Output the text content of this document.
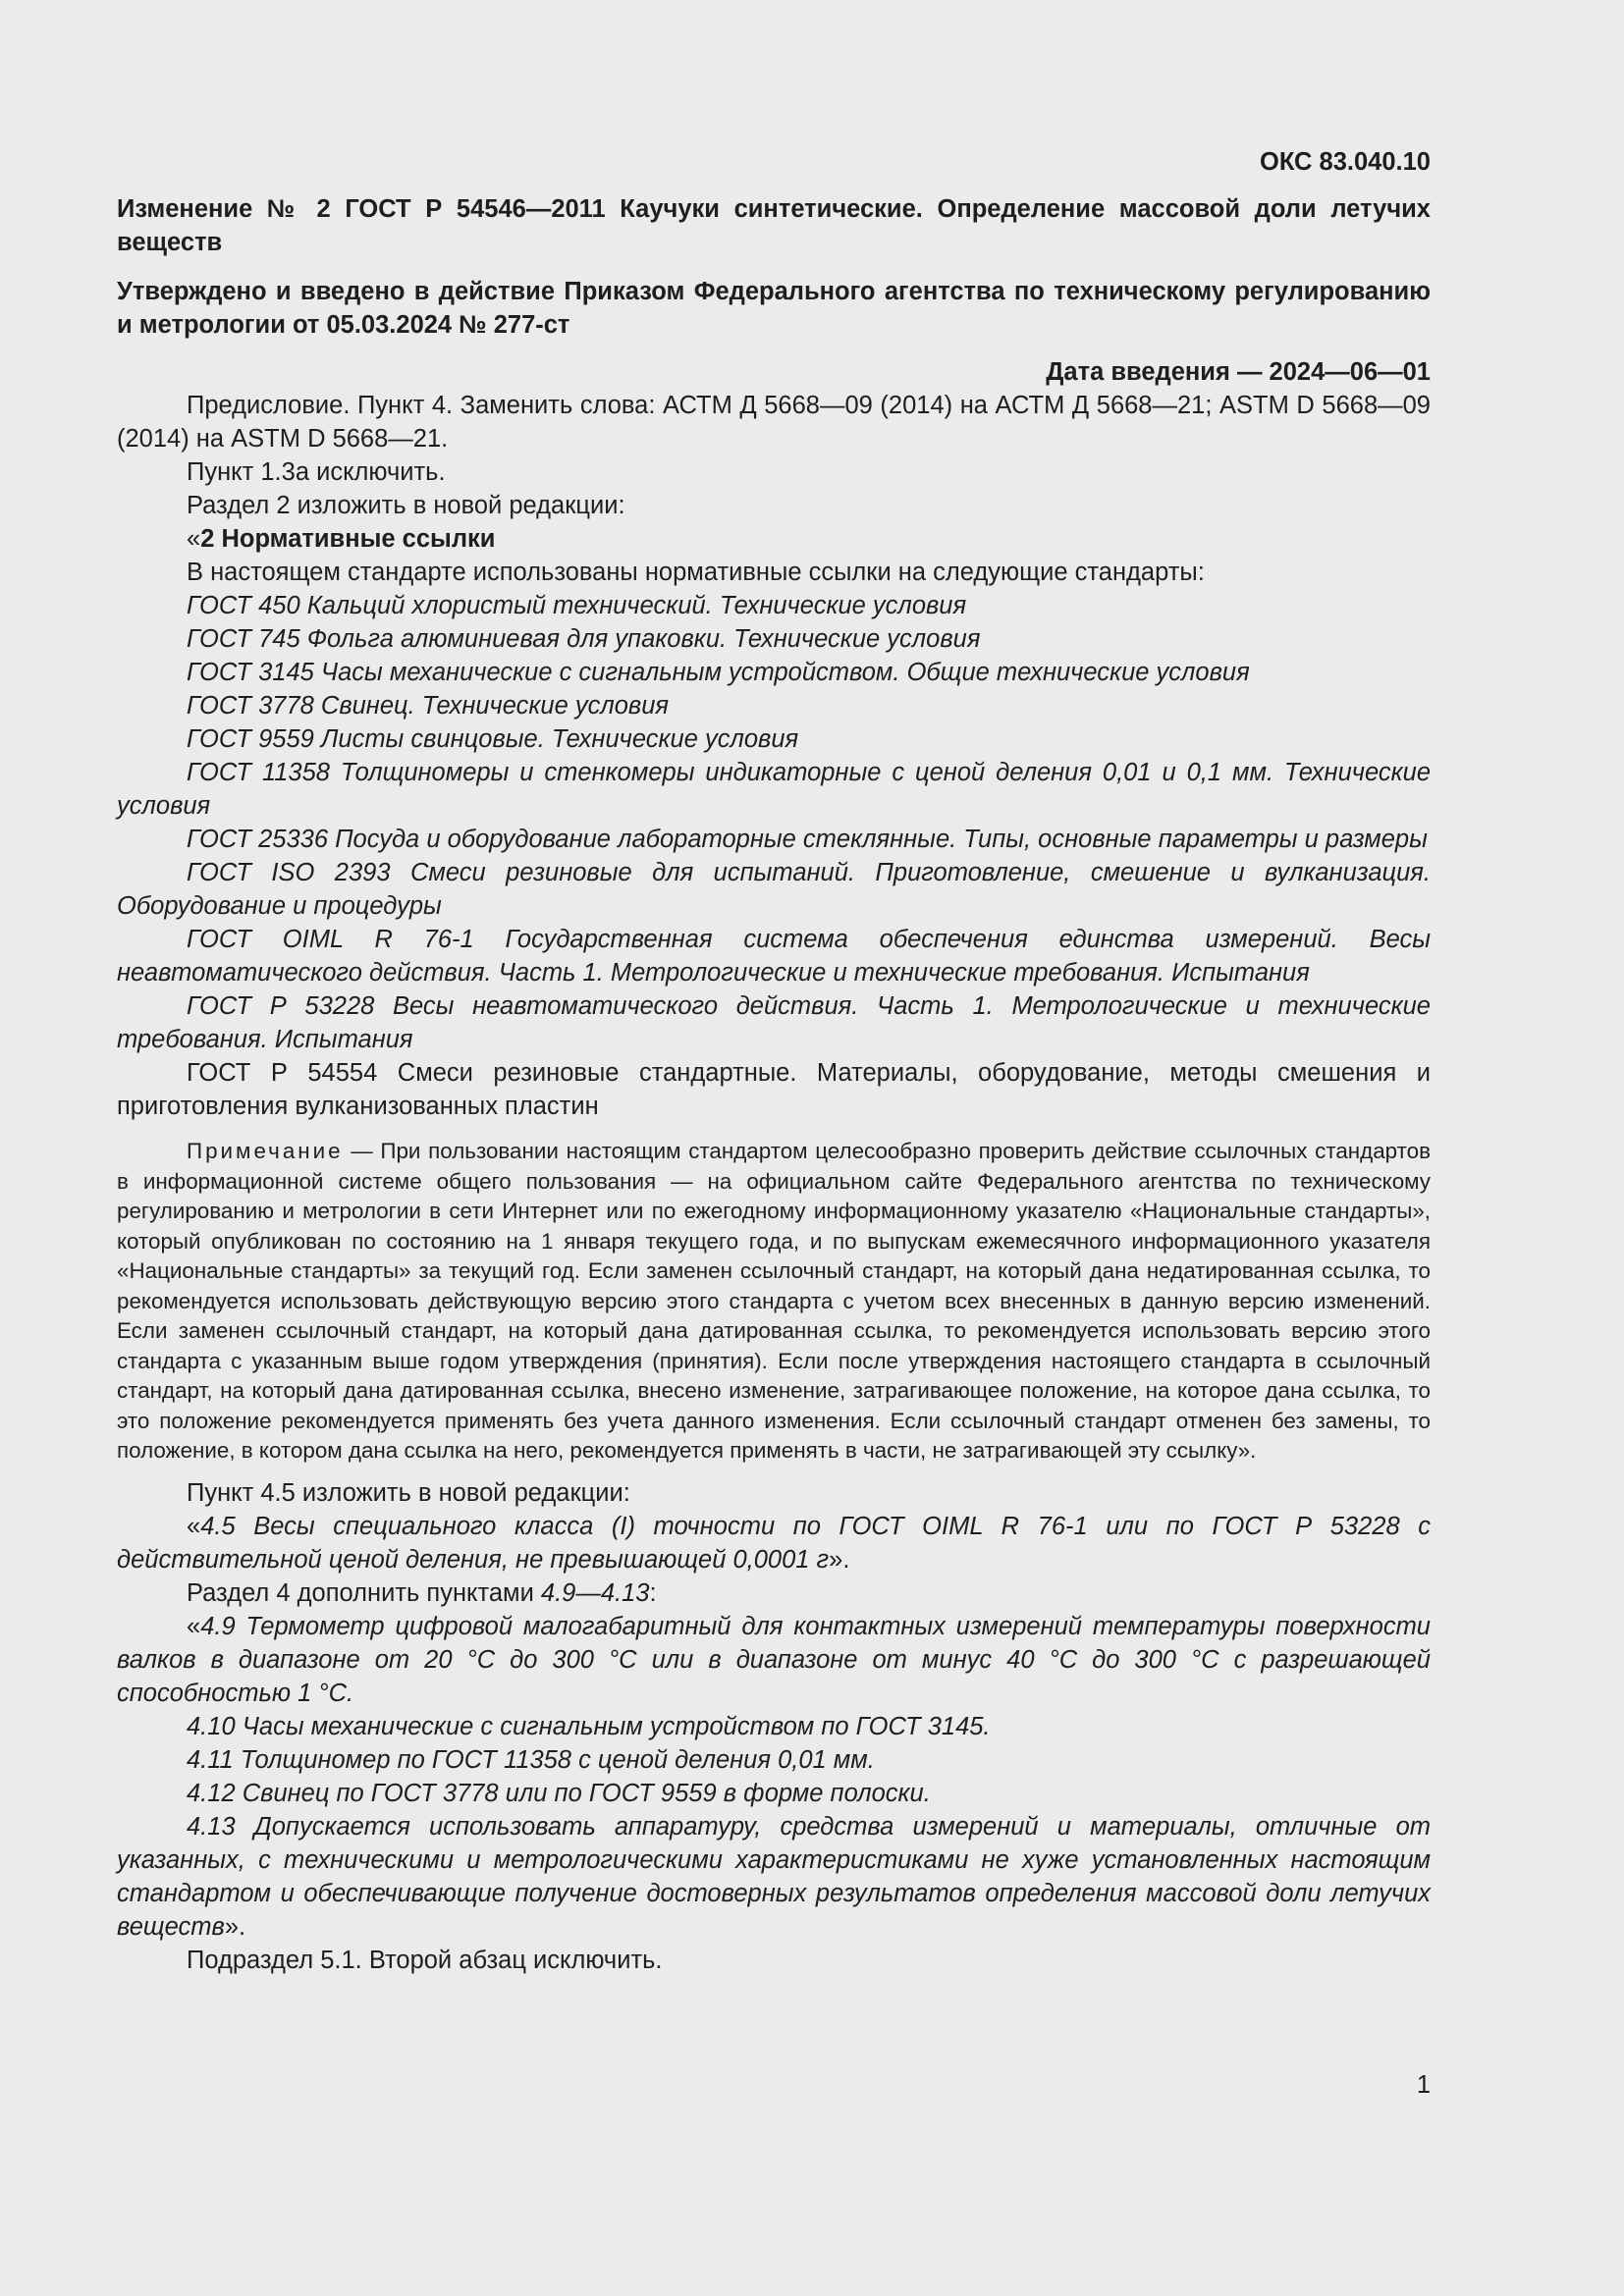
ОКС 83.040.10

Изменение № 2 ГОСТ Р 54546—2011 Каучуки синтетические. Определение массовой доли летучих веществ

Утверждено и введено в действие Приказом Федерального агентства по техническому регулированию и метрологии от 05.03.2024 № 277-ст

Дата введения — 2024—06—01

Предисловие. Пункт 4. Заменить слова: АСТМ Д 5668—09 (2014) на АСТМ Д 5668—21; ASTM D 5668—09 (2014) на ASTM D 5668—21.

Пункт 1.3а исключить.

Раздел 2 изложить в новой редакции:

«2 Нормативные ссылки

В настоящем стандарте использованы нормативные ссылки на следующие стандарты:

ГОСТ 450 Кальций хлористый технический. Технические условия

ГОСТ 745 Фольга алюминиевая для упаковки. Технические условия

ГОСТ 3145 Часы механические с сигнальным устройством. Общие технические условия

ГОСТ 3778 Свинец. Технические условия

ГОСТ 9559 Листы свинцовые. Технические условия

ГОСТ 11358 Толщиномеры и стенкомеры индикаторные с ценой деления 0,01 и 0,1 мм. Технические условия

ГОСТ 25336 Посуда и оборудование лабораторные стеклянные. Типы, основные параметры и размеры

ГОСТ ISO 2393 Смеси резиновые для испытаний. Приготовление, смешение и вулканизация. Оборудование и процедуры

ГОСТ OIML R 76-1 Государственная система обеспечения единства измерений. Весы неавтоматического действия. Часть 1. Метрологические и технические требования. Испытания

ГОСТ Р 53228 Весы неавтоматического действия. Часть 1. Метрологические и технические требования. Испытания

ГОСТ Р 54554 Смеси резиновые стандартные. Материалы, оборудование, методы смешения и приготовления вулканизованных пластин

Примечание — При пользовании настоящим стандартом целесообразно проверить действие ссылочных стандартов в информационной системе общего пользования — на официальном сайте Федерального агентства по техническому регулированию и метрологии в сети Интернет или по ежегодному информационному указателю «Национальные стандарты», который опубликован по состоянию на 1 января текущего года, и по выпускам ежемесячного информационного указателя «Национальные стандарты» за текущий год. Если заменен ссылочный стандарт, на который дана недатированная ссылка, то рекомендуется использовать действующую версию этого стандарта с учетом всех внесенных в данную версию изменений. Если заменен ссылочный стандарт, на который дана датированная ссылка, то рекомендуется использовать версию этого стандарта с указанным выше годом утверждения (принятия). Если после утверждения настоящего стандарта в ссылочный стандарт, на который дана датированная ссылка, внесено изменение, затрагивающее положение, на которое дана ссылка, то это положение рекомендуется применять без учета данного изменения. Если ссылочный стандарт отменен без замены, то положение, в котором дана ссылка на него, рекомендуется применять в части, не затрагивающей эту ссылку».

Пункт 4.5 изложить в новой редакции:

«4.5 Весы специального класса (I) точности по ГОСТ OIML R 76-1 или по ГОСТ Р 53228 с действительной ценой деления, не превышающей 0,0001 г».

Раздел 4 дополнить пунктами 4.9—4.13:

«4.9 Термометр цифровой малогабаритный для контактных измерений температуры поверхности валков в диапазоне от 20 °С до 300 °С или в диапазоне от минус 40 °С до 300 °С с разрешающей способностью 1 °С.

4.10 Часы механические с сигнальным устройством по ГОСТ 3145.

4.11 Толщиномер по ГОСТ 11358 с ценой деления 0,01 мм.

4.12 Свинец по ГОСТ 3778 или по ГОСТ 9559 в форме полоски.

4.13 Допускается использовать аппаратуру, средства измерений и материалы, отличные от указанных, с техническими и метрологическими характеристиками не хуже установленных настоящим стандартом и обеспечивающие получение достоверных результатов определения массовой доли летучих веществ».

Подраздел 5.1. Второй абзац исключить.

1
